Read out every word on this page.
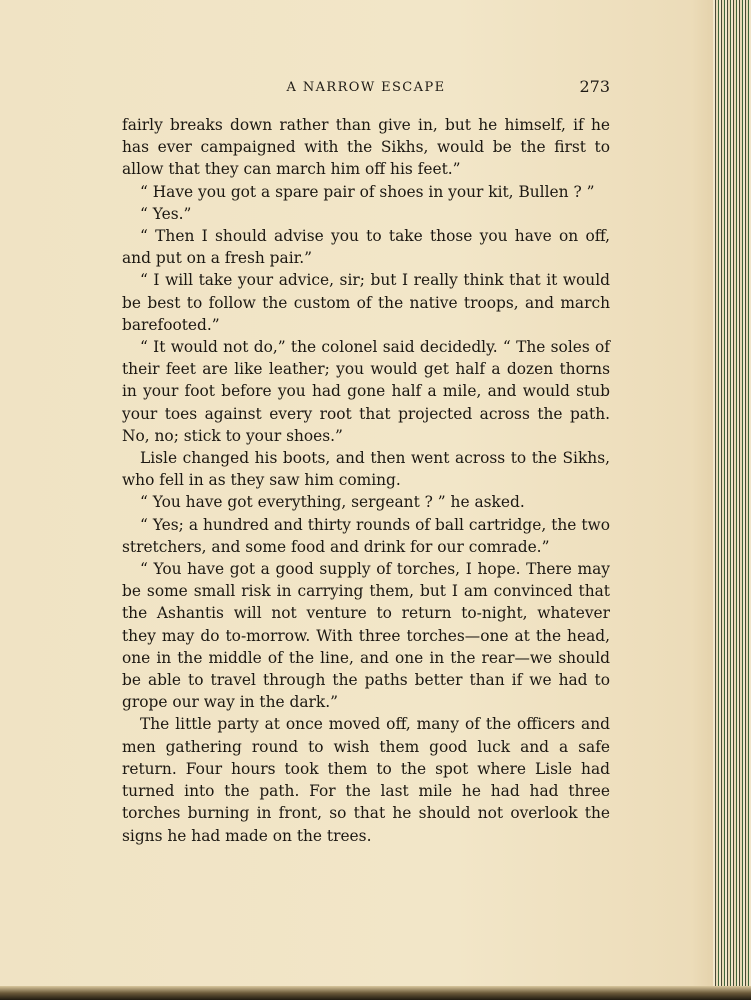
A NARROW ESCAPE	273

fairly breaks down rather than give in, but he himself, if he has ever campaigned with the Sikhs, would be the first to allow that they can march him off his feet.”

“ Have you got a spare pair of shoes in your kit, Bullen ? ”

“ Yes.”

“ Then I should advise you to take those you have on off, and put on a fresh pair.”

“ I will take your advice, sir; but I really think that it would be best to follow the custom of the native troops, and march barefooted.”

“ It would not do,” the colonel said decidedly. “ The soles of their feet are like leather; you would get half a dozen thorns in your foot before you had gone half a mile, and would stub your toes against every root that projected across the path. No, no; stick to your shoes.”

Lisle changed his boots, and then went across to the Sikhs, who fell in as they saw him coming.

“ You have got everything, sergeant ? ” he asked.

“ Yes; a hundred and thirty rounds of ball cartridge, the two stretchers, and some food and drink for our comrade.”

“ You have got a good supply of torches, I hope. There may be some small risk in carrying them, but I am convinced that the Ashantis will not venture to return to-night, whatever they may do to-morrow. With three torches—one at the head, one in the middle of the line, and one in the rear—we should be able to travel through the paths better than if we had to grope our way in the dark.”

The little party at once moved off, many of the officers and men gathering round to wish them good luck and a safe return. Four hours took them to the spot where Lisle had turned into the path. For the last mile he had had three torches burning in front, so that he should not overlook the signs he had made on the trees.
